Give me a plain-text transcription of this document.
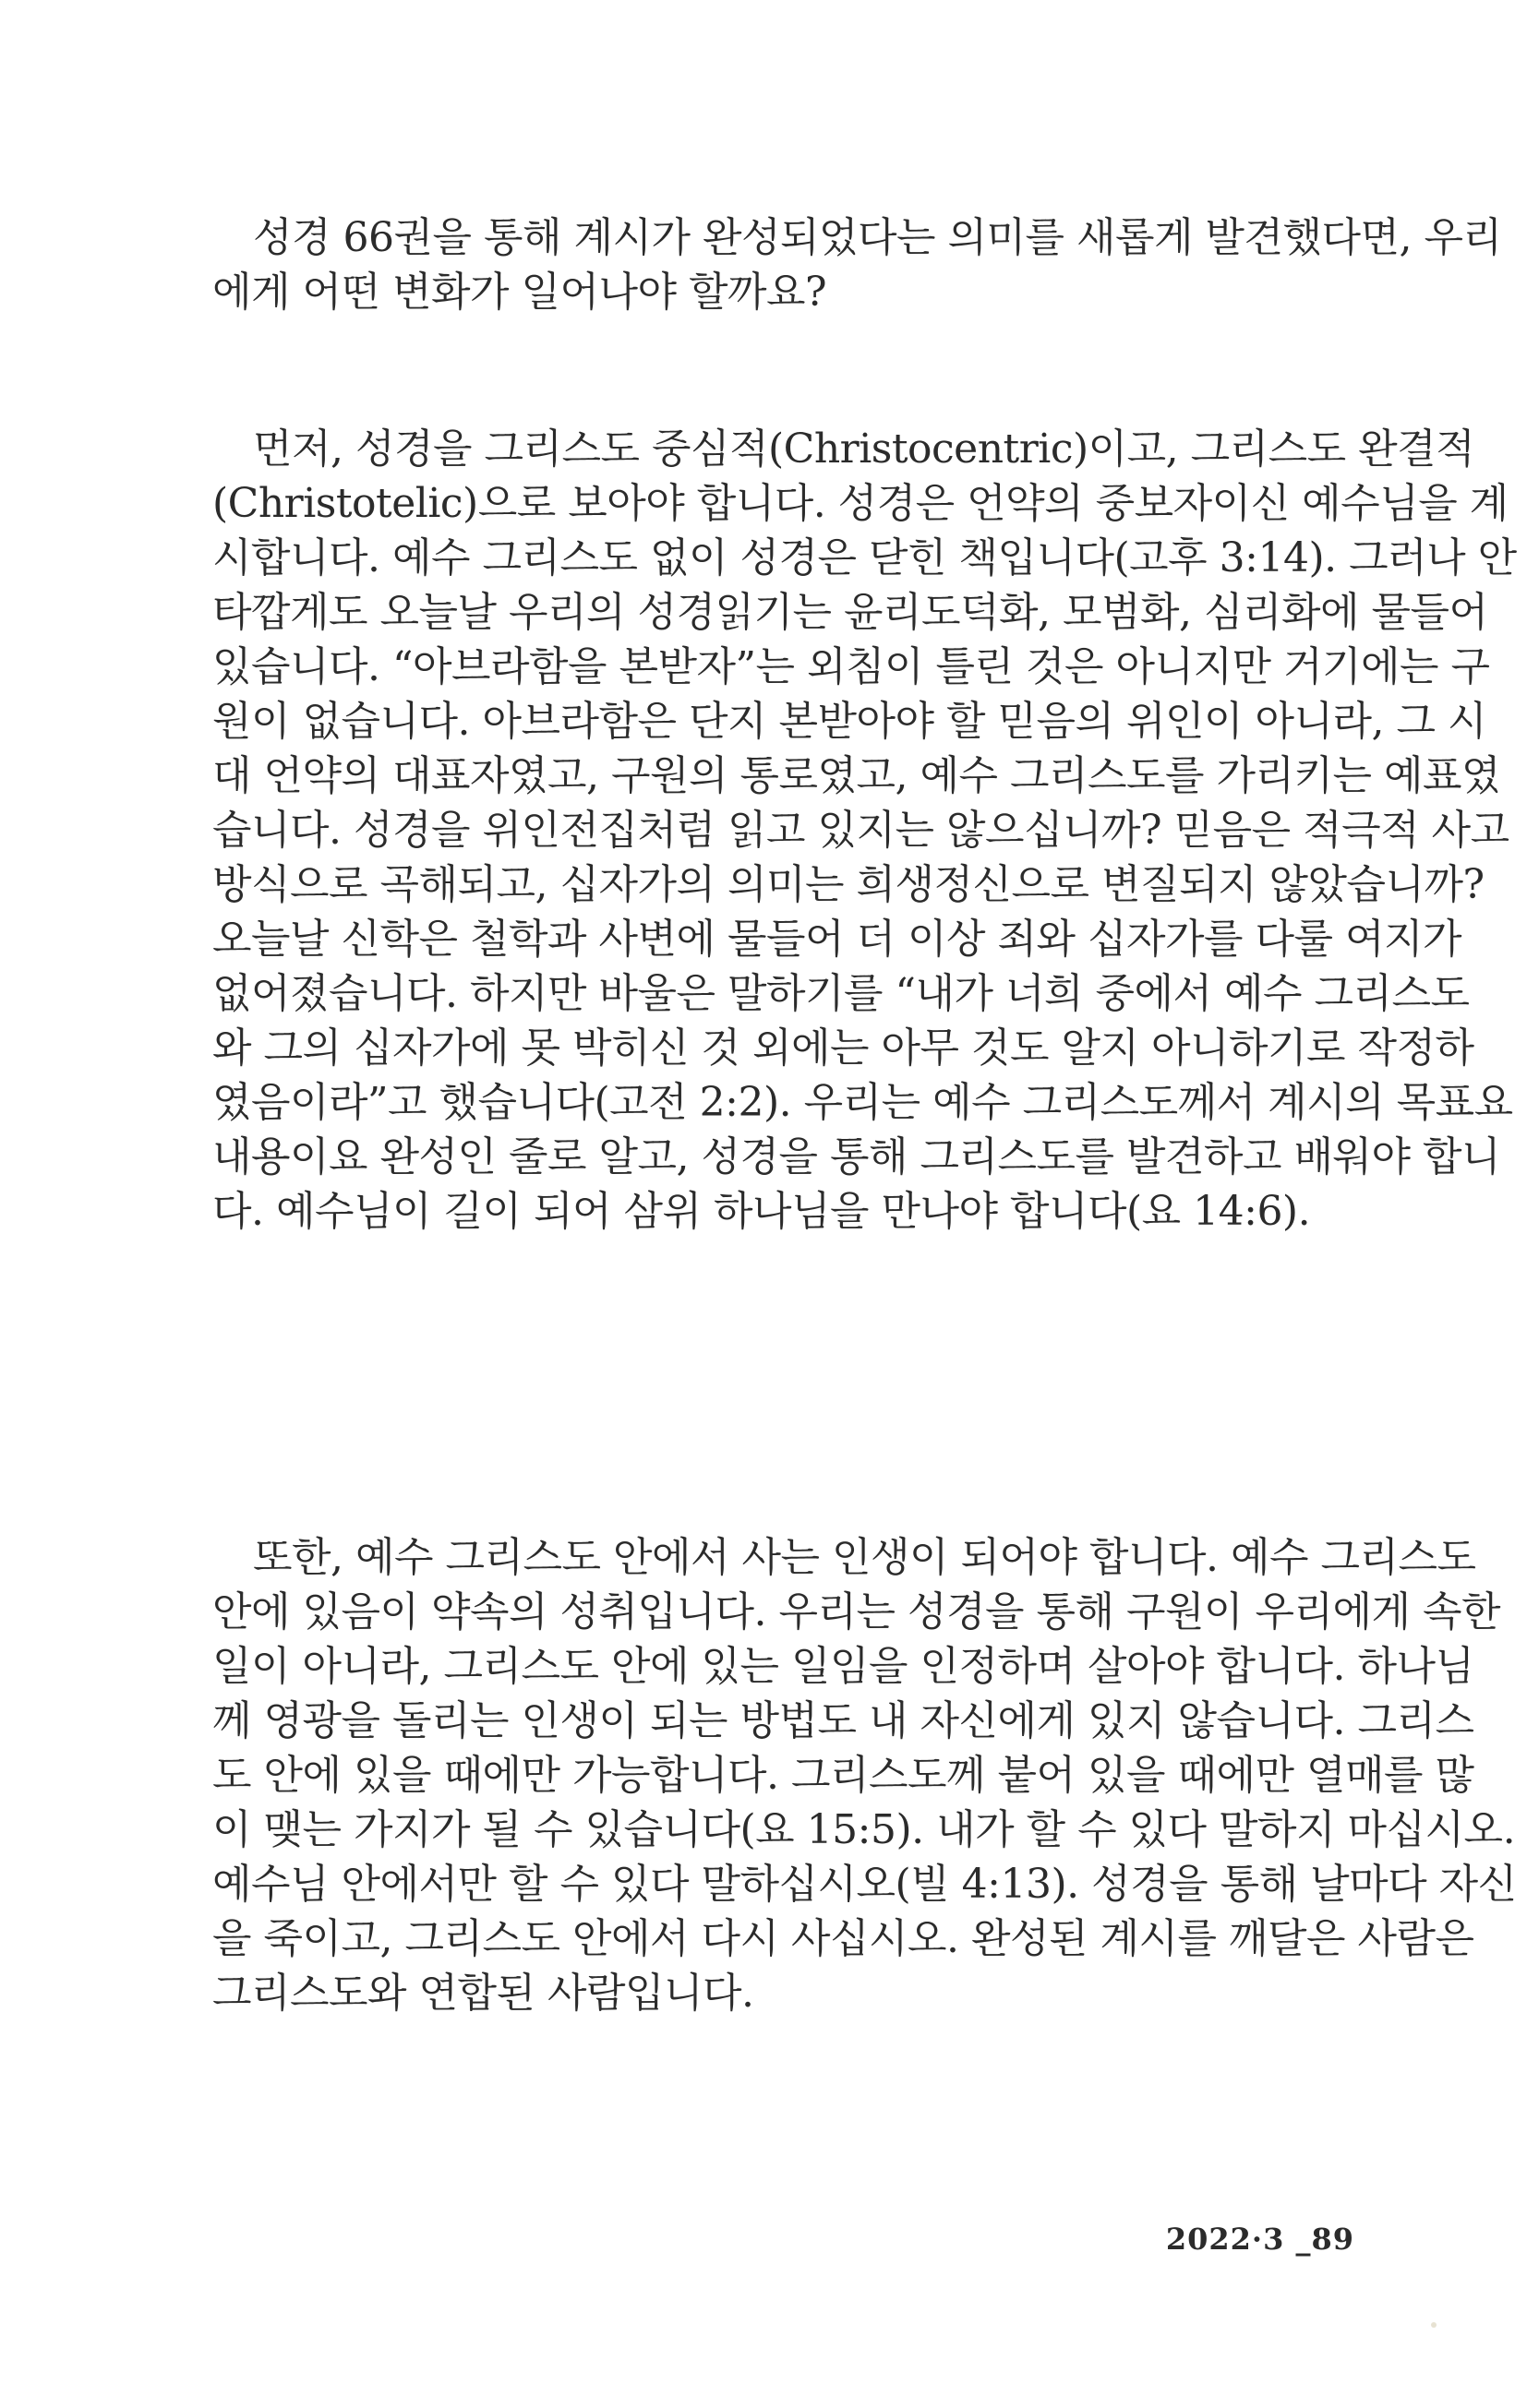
성경 66권을 통해 계시가 완성되었다는 의미를 새롭게 발견했다면, 우리
에게 어떤 변화가 일어나야 할까요?
먼저, 성경을 그리스도 중심적(Christocentric)이고, 그리스도 완결적
(Christotelic)으로 보아야 합니다. 성경은 언약의 중보자이신 예수님을 계
시합니다. 예수 그리스도 없이 성경은 닫힌 책입니다(고후 3:14). 그러나 안
타깝게도 오늘날 우리의 성경읽기는 윤리도덕화, 모범화, 심리화에 물들어
있습니다. “아브라함을 본받자”는 외침이 틀린 것은 아니지만 거기에는 구
원이 없습니다. 아브라함은 단지 본받아야 할 믿음의 위인이 아니라, 그 시
대 언약의 대표자였고, 구원의 통로였고, 예수 그리스도를 가리키는 예표였
습니다. 성경을 위인전집처럼 읽고 있지는 않으십니까? 믿음은 적극적 사고
방식으로 곡해되고, 십자가의 의미는 희생정신으로 변질되지 않았습니까?
오늘날 신학은 철학과 사변에 물들어 더 이상 죄와 십자가를 다룰 여지가
없어졌습니다. 하지만 바울은 말하기를 “내가 너희 중에서 예수 그리스도
와 그의 십자가에 못 박히신 것 외에는 아무 것도 알지 아니하기로 작정하
였음이라”고 했습니다(고전 2:2). 우리는 예수 그리스도께서 계시의 목표요
내용이요 완성인 줄로 알고, 성경을 통해 그리스도를 발견하고 배워야 합니
다. 예수님이 길이 되어 삼위 하나님을 만나야 합니다(요 14:6).
또한, 예수 그리스도 안에서 사는 인생이 되어야 합니다. 예수 그리스도
안에 있음이 약속의 성취입니다. 우리는 성경을 통해 구원이 우리에게 속한
일이 아니라, 그리스도 안에 있는 일임을 인정하며 살아야 합니다. 하나님
께 영광을 돌리는 인생이 되는 방법도 내 자신에게 있지 않습니다. 그리스
도 안에 있을 때에만 가능합니다. 그리스도께 붙어 있을 때에만 열매를 많
이 맺는 가지가 될 수 있습니다(요 15:5). 내가 할 수 있다 말하지 마십시오.
예수님 안에서만 할 수 있다 말하십시오(빌 4:13). 성경을 통해 날마다 자신
을 죽이고, 그리스도 안에서 다시 사십시오. 완성된 계시를 깨달은 사람은
그리스도와 연합된 사람입니다.
2022·3 _89
